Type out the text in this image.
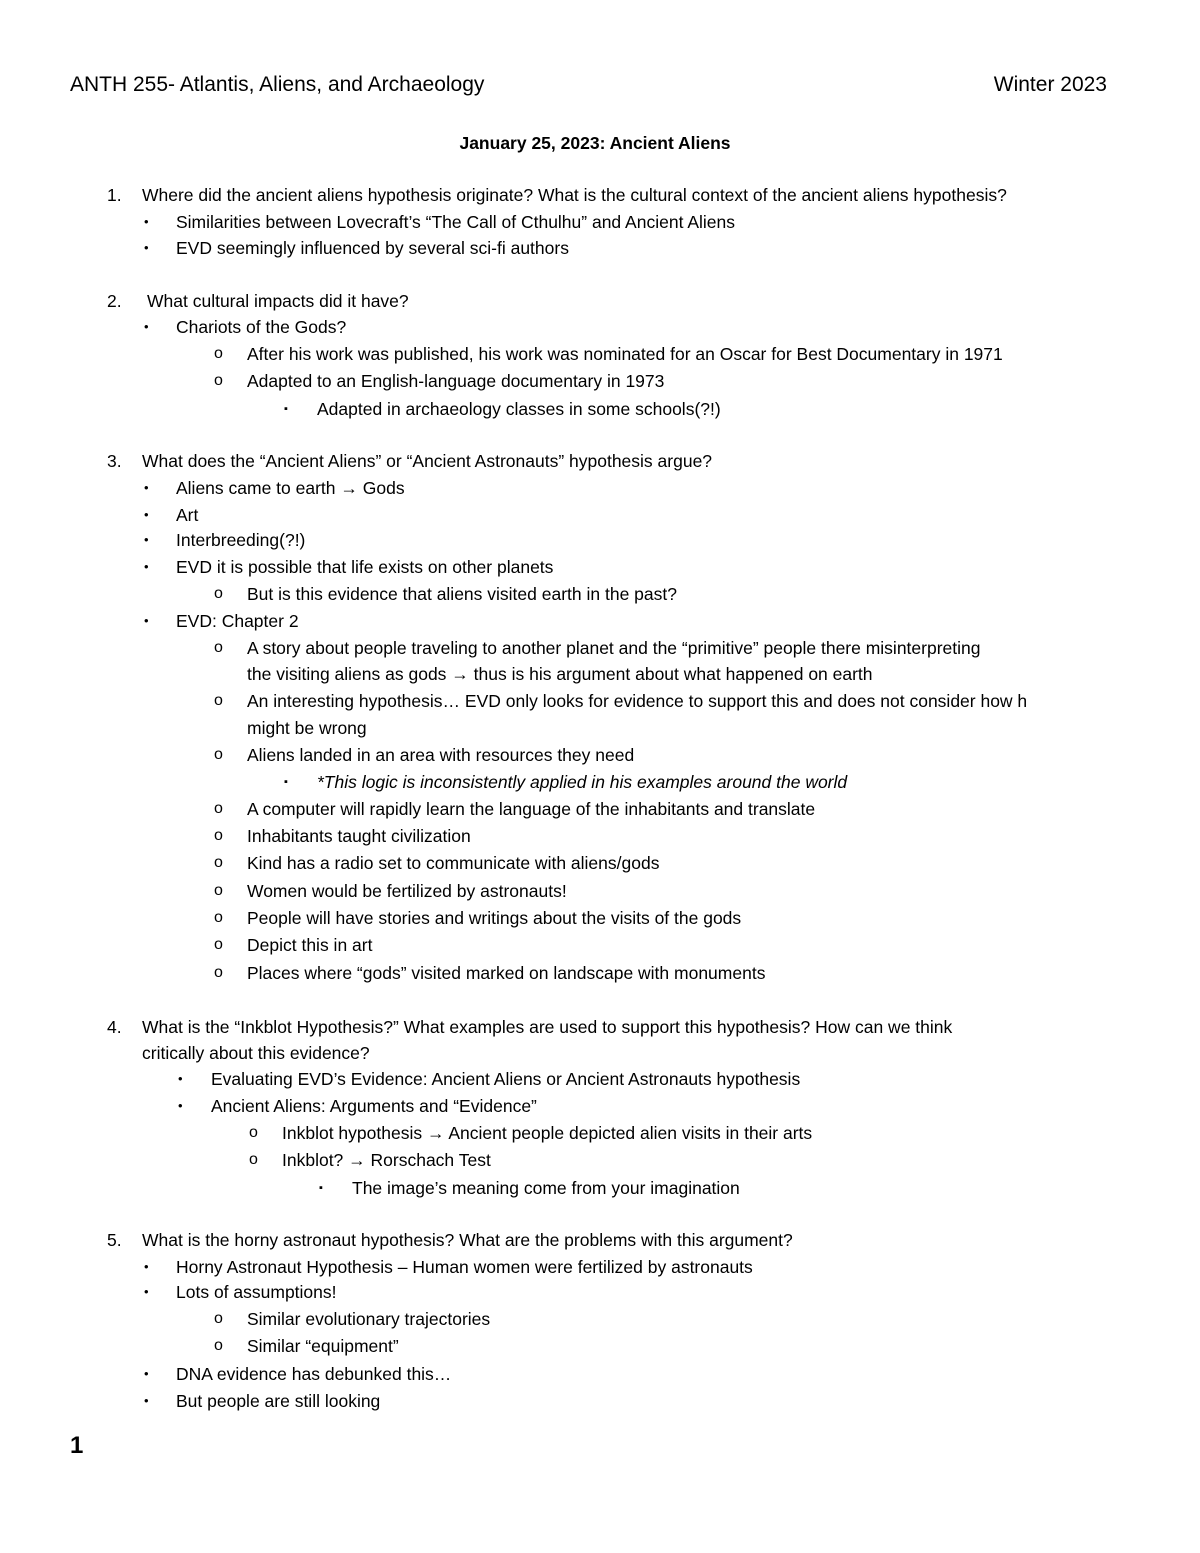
ANTH 255- Atlantis, Aliens, and Archaeology	Winter 2023
January 25, 2023: Ancient Aliens
1. Where did the ancient aliens hypothesis originate? What is the cultural context of the ancient aliens hypothesis?
• Similarities between Lovecraft’s “The Call of Cthulhu” and Ancient Aliens
• EVD seemingly influenced by several sci-fi authors
2. What cultural impacts did it have?
• Chariots of the Gods?
o After his work was published, his work was nominated for an Oscar for Best Documentary in 1971
o Adapted to an English-language documentary in 1973
▪ Adapted in archaeology classes in some schools(?!)
3. What does the “Ancient Aliens” or “Ancient Astronauts” hypothesis argue?
• Aliens came to earth → Gods
• Art
• Interbreeding(?!)
• EVD it is possible that life exists on other planets
o But is this evidence that aliens visited earth in the past?
• EVD: Chapter 2
o A story about people traveling to another planet and the “primitive” people there misinterpreting
the visiting aliens as gods → thus is his argument about what happened on earth
o An interesting hypothesis… EVD only looks for evidence to support this and does not consider how h
might be wrong
o Aliens landed in an area with resources they need
▪ *This logic is inconsistently applied in his examples around the world
o A computer will rapidly learn the language of the inhabitants and translate
o Inhabitants taught civilization
o Kind has a radio set to communicate with aliens/gods
o Women would be fertilized by astronauts!
o People will have stories and writings about the visits of the gods
o Depict this in art
o Places where “gods” visited marked on landscape with monuments
4. What is the “Inkblot Hypothesis?” What examples are used to support this hypothesis? How can we think
critically about this evidence?
• Evaluating EVD’s Evidence: Ancient Aliens or Ancient Astronauts hypothesis
• Ancient Aliens: Arguments and “Evidence”
o Inkblot hypothesis → Ancient people depicted alien visits in their arts
o Inkblot? → Rorschach Test
▪ The image’s meaning come from your imagination
5. What is the horny astronaut hypothesis? What are the problems with this argument?
• Horny Astronaut Hypothesis – Human women were fertilized by astronauts
• Lots of assumptions!
o Similar evolutionary trajectories
o Similar “equipment”
• DNA evidence has debunked this…
• But people are still looking
1
